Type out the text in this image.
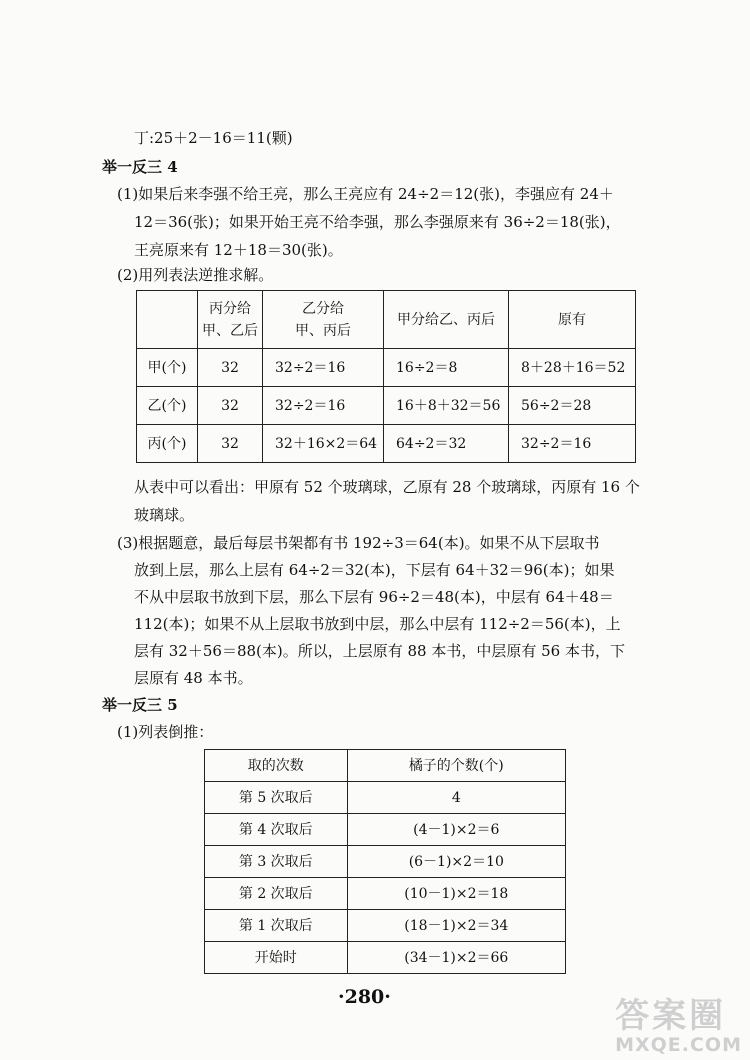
丁:25＋2－16＝11(颗)
举一反三 4
(1)如果后来李强不给王亮，那么王亮应有 24÷2＝12(张)，李强应有 24＋
12＝36(张)；如果开始王亮不给李强，那么李强原来有 36÷2＝18(张)，
王亮原来有 12＋18＝30(张)。
(2)用列表法逆推求解。
	丙分给
甲、乙后	乙分给
甲、丙后	甲分给乙、丙后	原有
甲(个)	32	32÷2＝16	16÷2＝8	8＋28＋16＝52
乙(个)	32	32÷2＝16	16＋8＋32＝56	56÷2＝28
丙(个)	32	32＋16×2＝64	64÷2＝32	32÷2＝16
从表中可以看出：甲原有 52 个玻璃球，乙原有 28 个玻璃球，丙原有 16 个
玻璃球。
(3)根据题意，最后每层书架都有书 192÷3＝64(本)。如果不从下层取书
放到上层，那么上层有 64÷2＝32(本)，下层有 64＋32＝96(本)；如果
不从中层取书放到下层，那么下层有 96÷2＝48(本)，中层有 64＋48＝
112(本)；如果不从上层取书放到中层，那么中层有 112÷2＝56(本)，上
层有 32＋56＝88(本)。所以，上层原有 88 本书，中层原有 56 本书，下
层原有 48 本书。
举一反三 5
(1)列表倒推：
取的次数	橘子的个数(个)
第 5 次取后	4
第 4 次取后	(4－1)×2＝6
第 3 次取后	(6－1)×2＝10
第 2 次取后	(10－1)×2＝18
第 1 次取后	(18－1)×2＝34
开始时	(34－1)×2＝66
·280·	答案圈
MXQE.COM
